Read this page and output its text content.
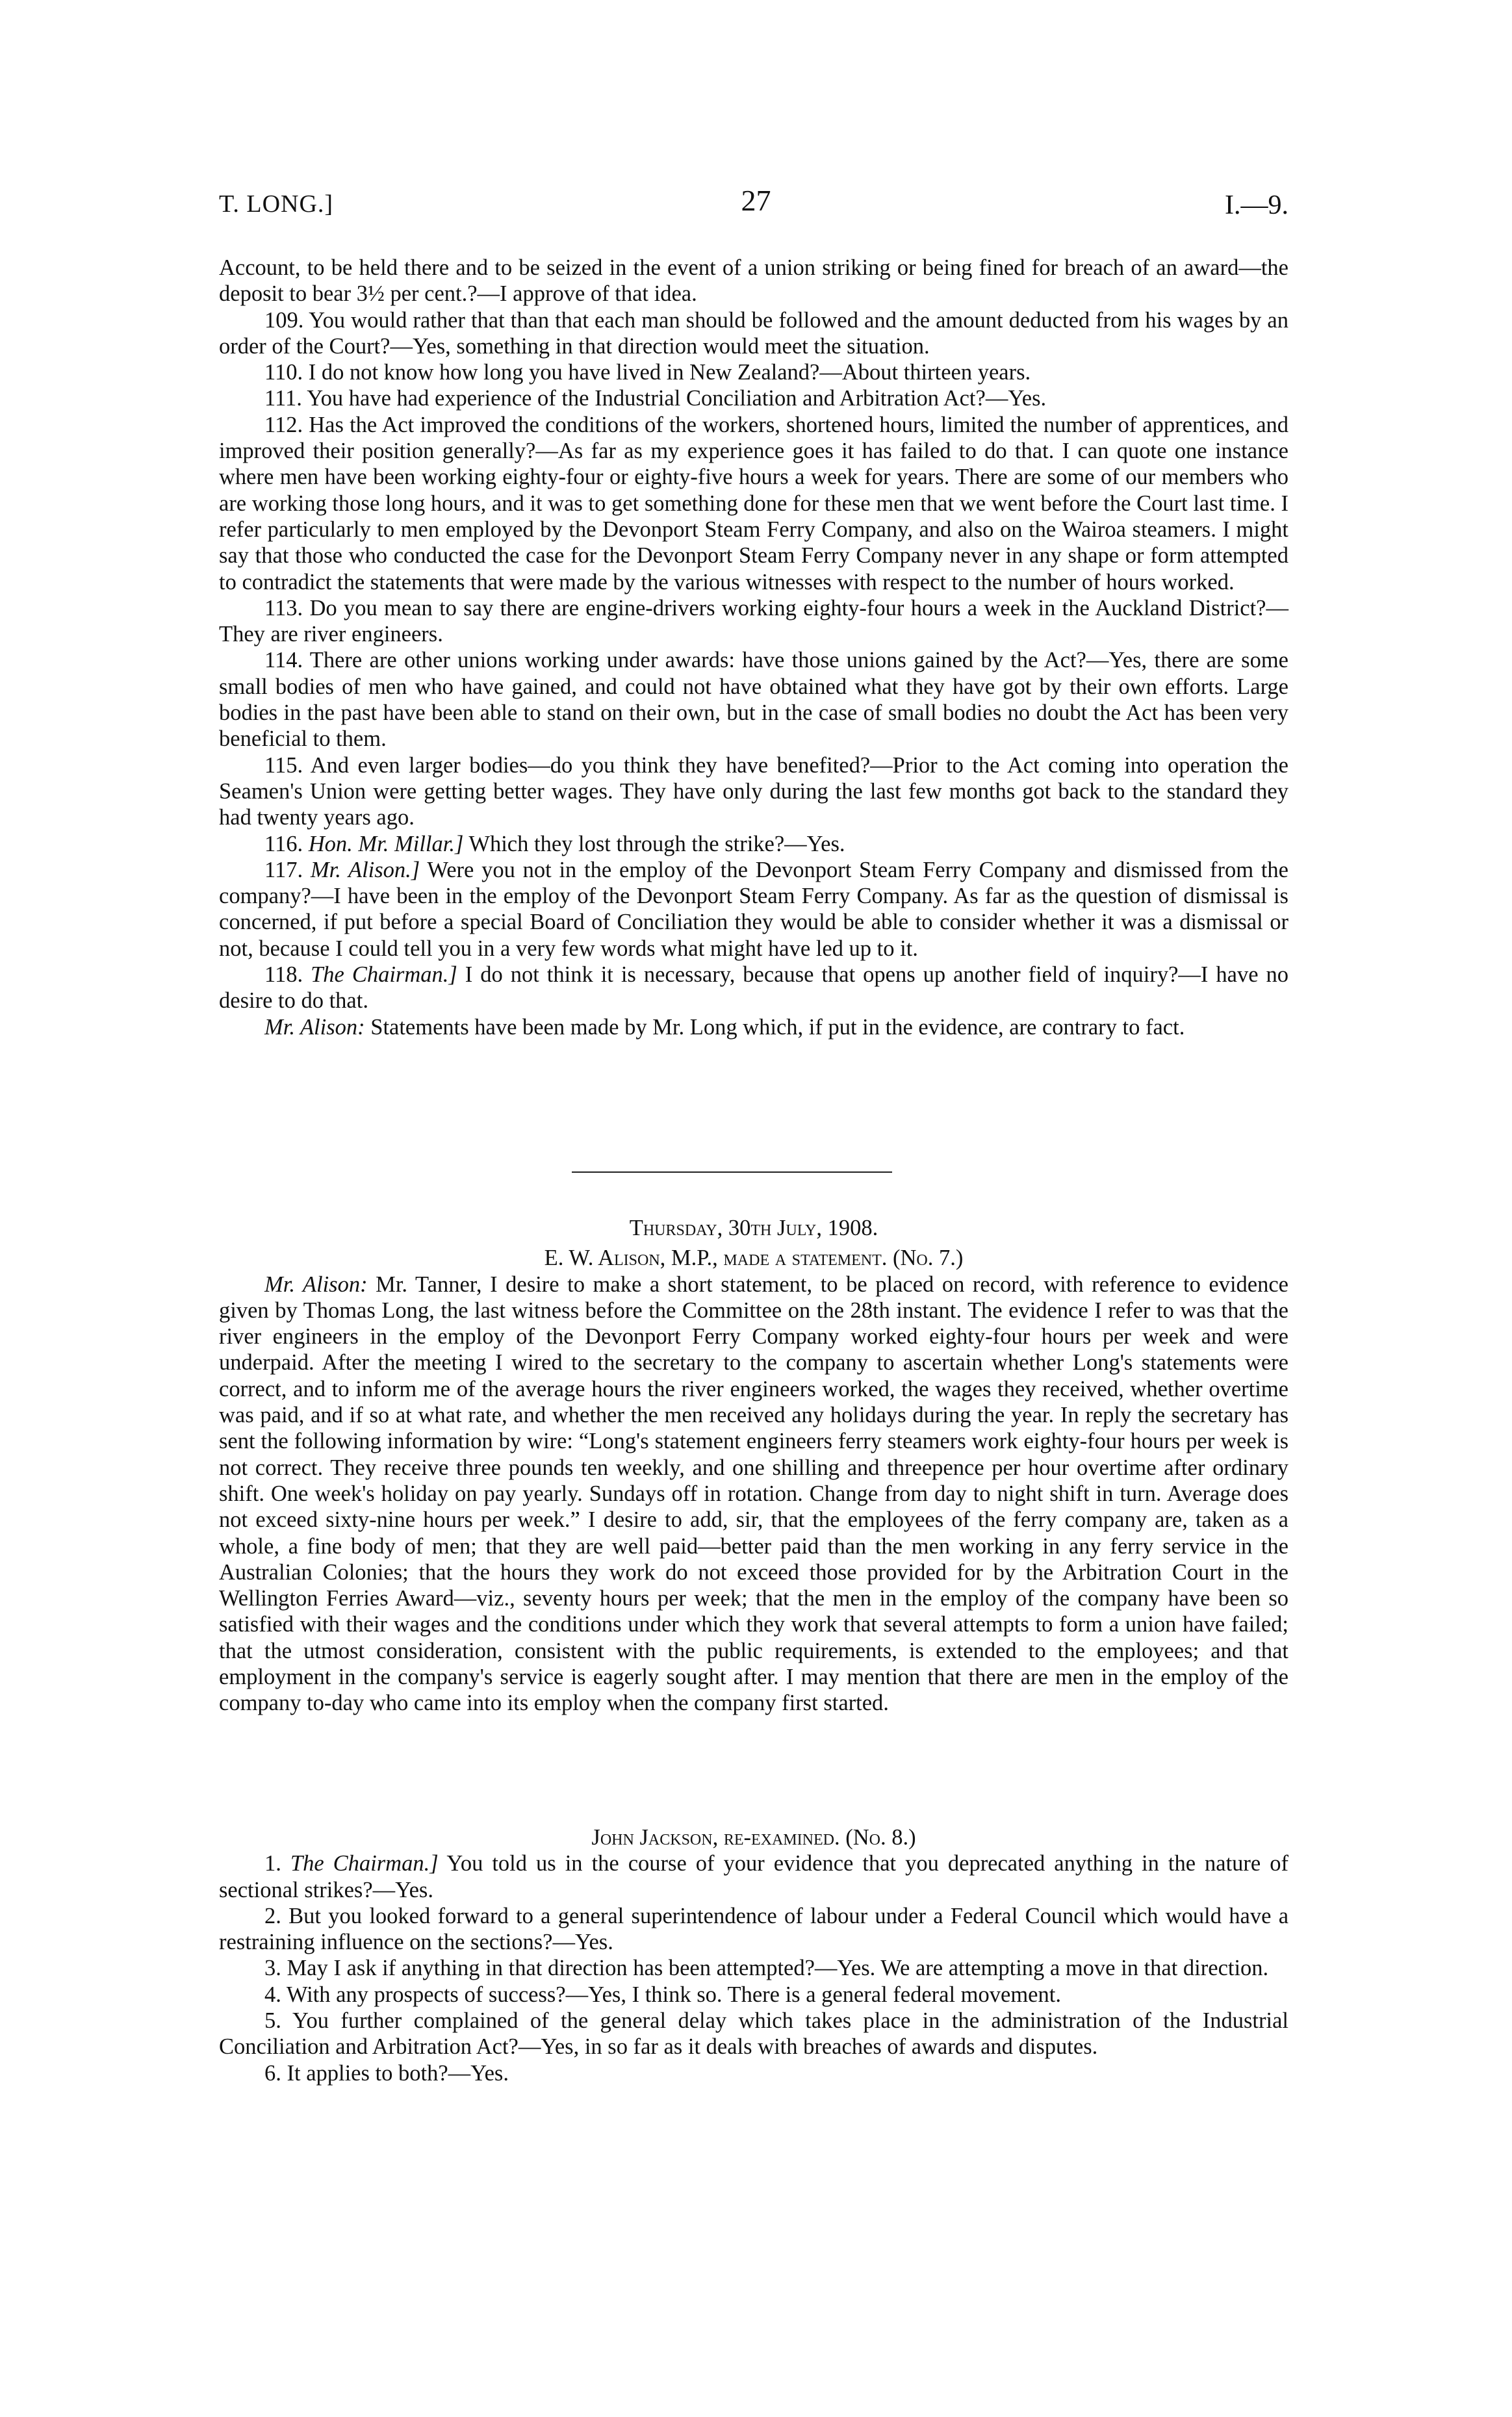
T. LONG.]	27	I.—9.

Account, to be held there and to be seized in the event of a union striking or being fined for breach of an award—the deposit to bear 3½ per cent.?—I approve of that idea.

109. You would rather that than that each man should be followed and the amount deducted from his wages by an order of the Court?—Yes, something in that direction would meet the situation.

110. I do not know how long you have lived in New Zealand?—About thirteen years.

111. You have had experience of the Industrial Conciliation and Arbitration Act?—Yes.

112. Has the Act improved the conditions of the workers, shortened hours, limited the number of apprentices, and improved their position generally?—As far as my experience goes it has failed to do that. I can quote one instance where men have been working eighty-four or eighty-five hours a week for years. There are some of our members who are working those long hours, and it was to get something done for these men that we went before the Court last time. I refer particularly to men employed by the Devonport Steam Ferry Company, and also on the Wairoa steamers. I might say that those who conducted the case for the Devonport Steam Ferry Company never in any shape or form attempted to contradict the statements that were made by the various witnesses with respect to the number of hours worked.

113. Do you mean to say there are engine-drivers working eighty-four hours a week in the Auckland District?—They are river engineers.

114. There are other unions working under awards: have those unions gained by the Act?—Yes, there are some small bodies of men who have gained, and could not have obtained what they have got by their own efforts. Large bodies in the past have been able to stand on their own, but in the case of small bodies no doubt the Act has been very beneficial to them.

115. And even larger bodies—do you think they have benefited?—Prior to the Act coming into operation the Seamen's Union were getting better wages. They have only during the last few months got back to the standard they had twenty years ago.

116. Hon. Mr. Millar.] Which they lost through the strike?—Yes.

117. Mr. Alison.] Were you not in the employ of the Devonport Steam Ferry Company and dismissed from the company?—I have been in the employ of the Devonport Steam Ferry Company. As far as the question of dismissal is concerned, if put before a special Board of Conciliation they would be able to consider whether it was a dismissal or not, because I could tell you in a very few words what might have led up to it.

118. The Chairman.] I do not think it is necessary, because that opens up another field of inquiry?—I have no desire to do that.

Mr. Alison: Statements have been made by Mr. Long which, if put in the evidence, are contrary to fact.

Thursday, 30th July, 1908.

E. W. Alison, M.P., made a statement. (No. 7.)

Mr. Alison: Mr. Tanner, I desire to make a short statement, to be placed on record, with reference to evidence given by Thomas Long, the last witness before the Committee on the 28th instant. The evidence I refer to was that the river engineers in the employ of the Devonport Ferry Company worked eighty-four hours per week and were underpaid. After the meeting I wired to the secretary to the company to ascertain whether Long's statements were correct, and to inform me of the average hours the river engineers worked, the wages they received, whether overtime was paid, and if so at what rate, and whether the men received any holidays during the year. In reply the secretary has sent the following information by wire: “Long's statement engineers ferry steamers work eighty-four hours per week is not correct. They receive three pounds ten weekly, and one shilling and threepence per hour overtime after ordinary shift. One week's holiday on pay yearly. Sundays off in rotation. Change from day to night shift in turn. Average does not exceed sixty-nine hours per week.” I desire to add, sir, that the employees of the ferry company are, taken as a whole, a fine body of men; that they are well paid—better paid than the men working in any ferry service in the Australian Colonies; that the hours they work do not exceed those provided for by the Arbitration Court in the Wellington Ferries Award—viz., seventy hours per week; that the men in the employ of the company have been so satisfied with their wages and the conditions under which they work that several attempts to form a union have failed; that the utmost consideration, consistent with the public requirements, is extended to the employees; and that employment in the company's service is eagerly sought after. I may mention that there are men in the employ of the company to-day who came into its employ when the company first started.

John Jackson, re-examined. (No. 8.)

1. The Chairman.] You told us in the course of your evidence that you deprecated anything in the nature of sectional strikes?—Yes.

2. But you looked forward to a general superintendence of labour under a Federal Council which would have a restraining influence on the sections?—Yes.

3. May I ask if anything in that direction has been attempted?—Yes. We are attempting a move in that direction.

4. With any prospects of success?—Yes, I think so. There is a general federal movement.

5. You further complained of the general delay which takes place in the administration of the Industrial Conciliation and Arbitration Act?—Yes, in so far as it deals with breaches of awards and disputes.

6. It applies to both?—Yes.
